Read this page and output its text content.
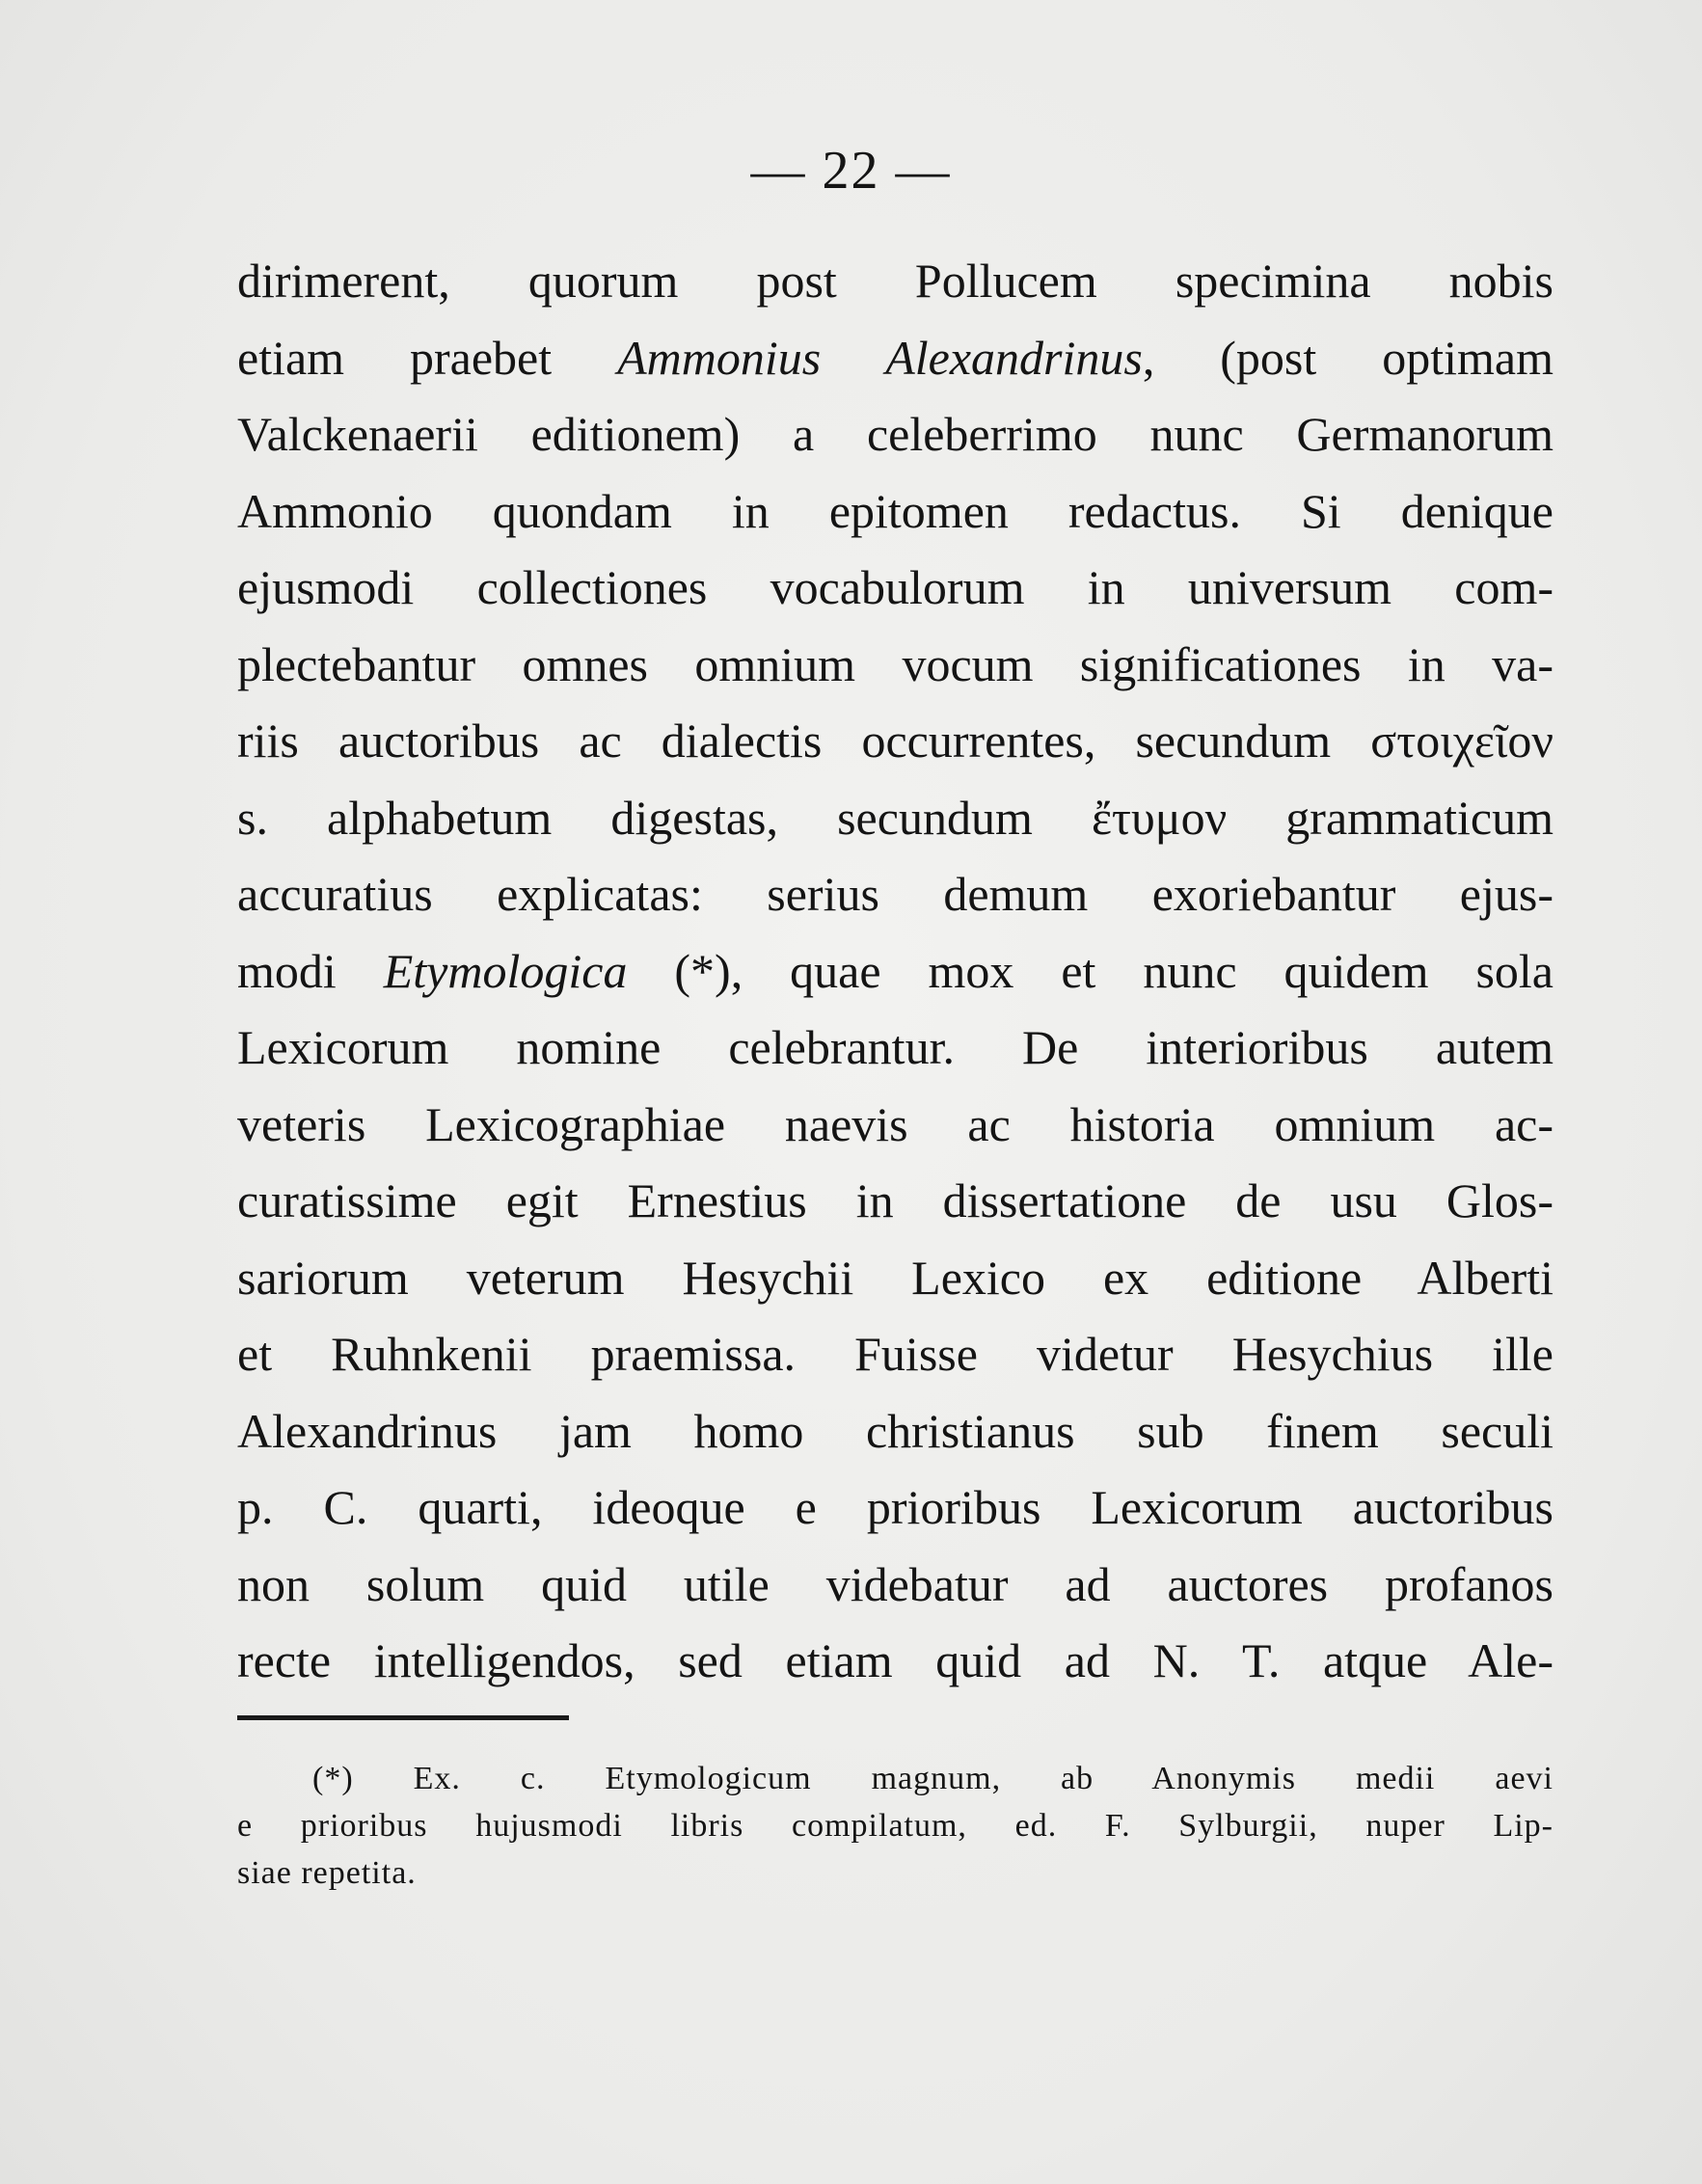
— 22 —
dirimerent, quorum post Pollucem specimina nobis
etiam praebet Ammonius Alexandrinus, (post optimam
Valckenaerii editionem) a celeberrimo nunc Germanorum
Ammonio quondam in epitomen redactus. Si denique
ejusmodi collectiones vocabulorum in universum com-
plectebantur omnes omnium vocum significationes in va-
riis auctoribus ac dialectis occurrentes, secundum στοιχεῖον
s. alphabetum digestas, secundum ἔτυμον grammaticum
accuratius explicatas: serius demum exoriebantur ejus-
modi Etymologica (*), quae mox et nunc quidem sola
Lexicorum nomine celebrantur. De interioribus autem
veteris Lexicographiae naevis ac historia omnium ac-
curatissime egit Ernestius in dissertatione de usu Glos-
sariorum veterum Hesychii Lexico ex editione Alberti
et Ruhnkenii praemissa. Fuisse videtur Hesychius ille
Alexandrinus jam homo christianus sub finem seculi
p. C. quarti, ideoque e prioribus Lexicorum auctoribus
non solum quid utile videbatur ad auctores profanos
recte intelligendos, sed etiam quid ad N. T. atque Ale-
(*) Ex. c. Etymologicum magnum, ab Anonymis medii aevi
e prioribus hujusmodi libris compilatum, ed. F. Sylburgii, nuper Lip-
siae repetita.
